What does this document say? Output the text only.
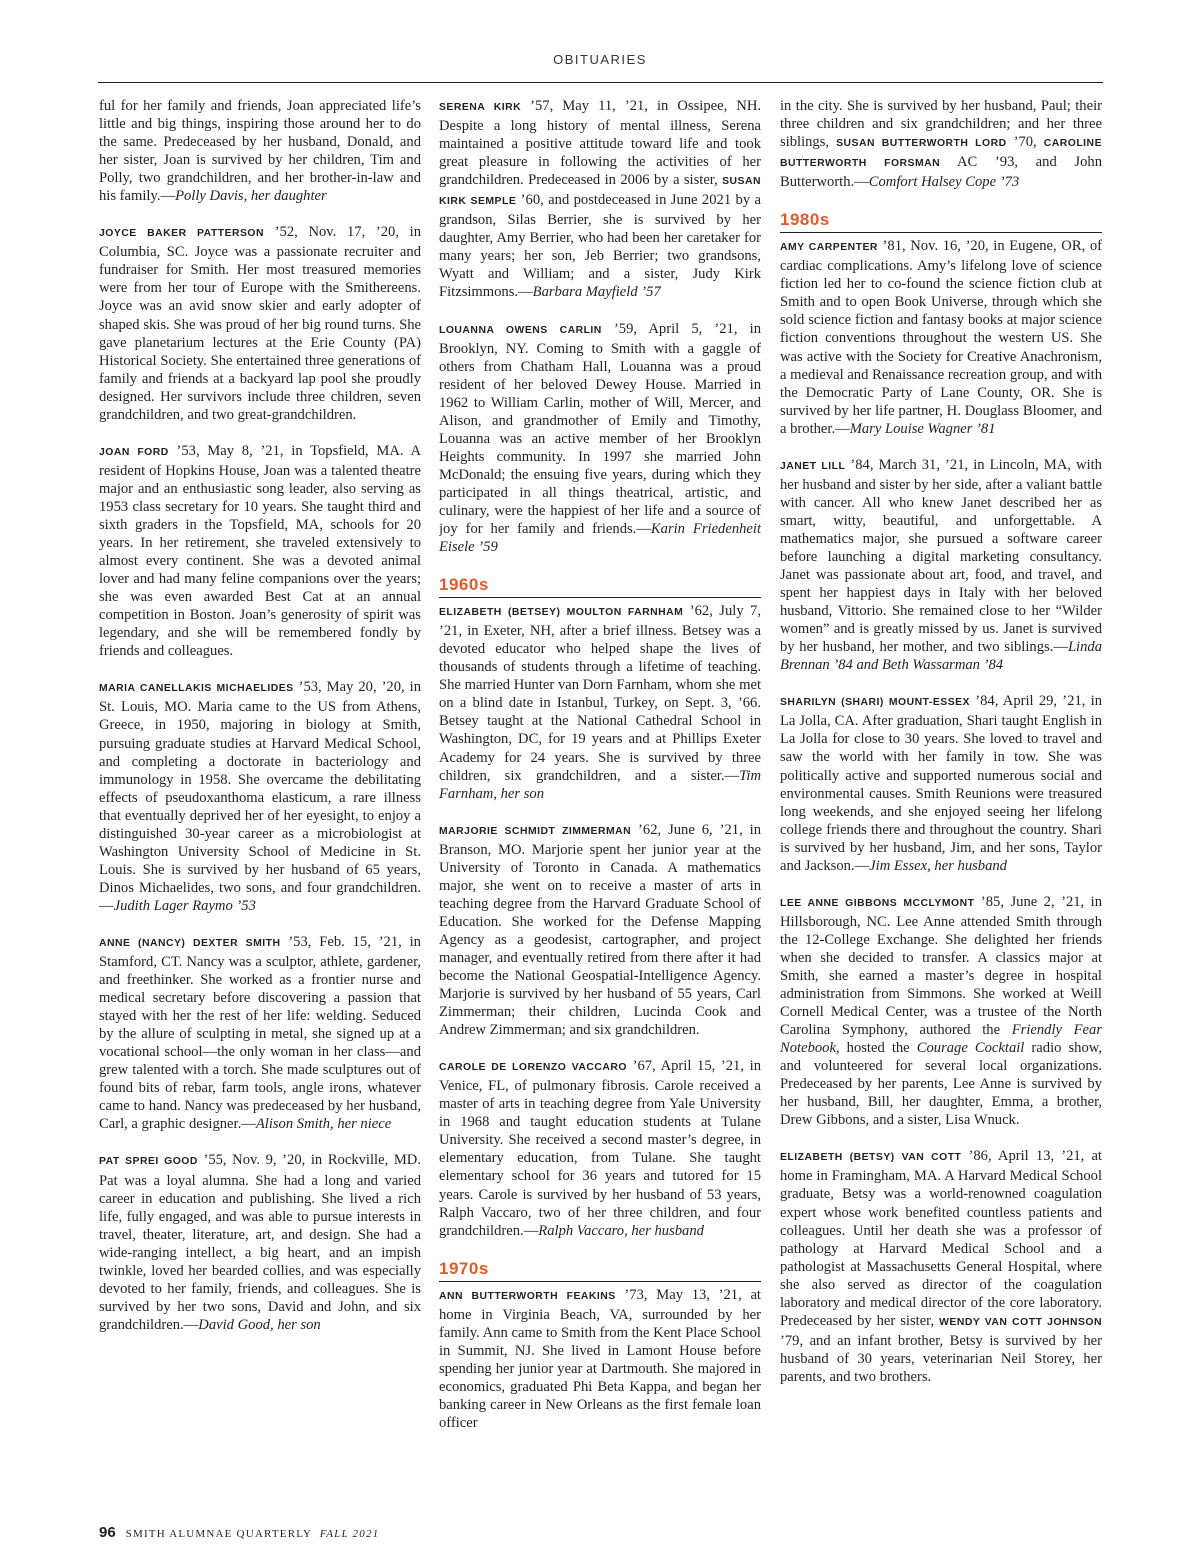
OBITUARIES

ful for her family and friends, Joan appreciated life’s little and big things, inspiring those around her to do the same. Predeceased by her husband, Donald, and her sister, Joan is survived by her children, Tim and Polly, two grandchildren, and her brother-in-law and his family.—Polly Davis, her daughter

JOYCE BAKER PATTERSON ’52, Nov. 17, ’20, in Columbia, SC. Joyce was a passionate recruiter and fundraiser for Smith. Her most treasured memories were from her tour of Europe with the Smithereens. Joyce was an avid snow skier and early adopter of shaped skis. She was proud of her big round turns. She gave planetarium lectures at the Erie County (PA) Historical Society. She entertained three generations of family and friends at a backyard lap pool she proudly designed. Her survivors include three children, seven grandchildren, and two great-grandchildren.

JOAN FORD ’53, May 8, ’21, in Topsfield, MA. A resident of Hopkins House, Joan was a talented theatre major and an enthusiastic song leader, also serving as 1953 class secretary for 10 years. She taught third and sixth graders in the Topsfield, MA, schools for 20 years. In her retirement, she traveled extensively to almost every continent. She was a devoted animal lover and had many feline companions over the years; she was even awarded Best Cat at an annual competition in Boston. Joan’s generosity of spirit was legendary, and she will be remembered fondly by friends and colleagues.

MARIA CANELLAKIS MICHAELIDES ’53, May 20, ’20, in St. Louis, MO. Maria came to the US from Athens, Greece, in 1950, majoring in biology at Smith, pursuing graduate studies at Harvard Medical School, and completing a doctorate in bacteriology and immunology in 1958. She overcame the debilitating effects of pseudoxanthoma elasticum, a rare illness that eventually deprived her of her eyesight, to enjoy a distinguished 30-year career as a microbiologist at Washington University School of Medicine in St. Louis. She is survived by her husband of 65 years, Dinos Michaelides, two sons, and four grandchildren.—Judith Lager Raymo ’53

ANNE (NANCY) DEXTER SMITH ’53, Feb. 15, ’21, in Stamford, CT. Nancy was a sculptor, athlete, gardener, and freethinker. She worked as a frontier nurse and medical secretary before discovering a passion that stayed with her the rest of her life: welding. Seduced by the allure of sculpting in metal, she signed up at a vocational school—the only woman in her class—and grew talented with a torch. She made sculptures out of found bits of rebar, farm tools, angle irons, whatever came to hand. Nancy was predeceased by her husband, Carl, a graphic designer.—Alison Smith, her niece

PAT SPREI GOOD ’55, Nov. 9, ’20, in Rockville, MD. Pat was a loyal alumna. She had a long and varied career in education and publishing. She lived a rich life, fully engaged, and was able to pursue interests in travel, theater, literature, art, and design. She had a wide-ranging intellect, a big heart, and an impish twinkle, loved her bearded collies, and was especially devoted to her family, friends, and colleagues. She is survived by her two sons, David and John, and six grandchildren.—David Good, her son

SERENA KIRK ’57, May 11, ’21, in Ossipee, NH. Despite a long history of mental illness, Serena maintained a positive attitude toward life and took great pleasure in following the activities of her grandchildren. Predeceased in 2006 by a sister, SUSAN KIRK SEMPLE ’60, and postdeceased in June 2021 by a grandson, Silas Berrier, she is survived by her daughter, Amy Berrier, who had been her caretaker for many years; her son, Jeb Berrier; two grandsons, Wyatt and William; and a sister, Judy Kirk Fitzsimmons.—Barbara Mayfield ’57

LOUANNA OWENS CARLIN ’59, April 5, ’21, in Brooklyn, NY. Coming to Smith with a gaggle of others from Chatham Hall, Louanna was a proud resident of her beloved Dewey House. Married in 1962 to William Carlin, mother of Will, Mercer, and Alison, and grandmother of Emily and Timothy, Louanna was an active member of her Brooklyn Heights community. In 1997 she married John McDonald; the ensuing five years, during which they participated in all things theatrical, artistic, and culinary, were the happiest of her life and a source of joy for her family and friends.—Karin Friedenheit Eisele ’59

1960s

ELIZABETH (BETSEY) MOULTON FARNHAM ’62, July 7, ’21, in Exeter, NH, after a brief illness. Betsey was a devoted educator who helped shape the lives of thousands of students through a lifetime of teaching. She married Hunter van Dorn Farnham, whom she met on a blind date in Istanbul, Turkey, on Sept. 3, ’66. Betsey taught at the National Cathedral School in Washington, DC, for 19 years and at Phillips Exeter Academy for 24 years. She is survived by three children, six grandchildren, and a sister.—Tim Farnham, her son

MARJORIE SCHMIDT ZIMMERMAN ’62, June 6, ’21, in Branson, MO. Marjorie spent her junior year at the University of Toronto in Canada. A mathematics major, she went on to receive a master of arts in teaching degree from the Harvard Graduate School of Education. She worked for the Defense Mapping Agency as a geodesist, cartographer, and project manager, and eventually retired from there after it had become the National Geospatial-Intelligence Agency. Marjorie is survived by her husband of 55 years, Carl Zimmerman; their children, Lucinda Cook and Andrew Zimmerman; and six grandchildren.

CAROLE DE LORENZO VACCARO ’67, April 15, ’21, in Venice, FL, of pulmonary fibrosis. Carole received a master of arts in teaching degree from Yale University in 1968 and taught education students at Tulane University. She received a second master’s degree, in elementary education, from Tulane. She taught elementary school for 36 years and tutored for 15 years. Carole is survived by her husband of 53 years, Ralph Vaccaro, two of her three children, and four grandchildren.—Ralph Vaccaro, her husband

1970s

ANN BUTTERWORTH FEAKINS ’73, May 13, ’21, at home in Virginia Beach, VA, surrounded by her family. Ann came to Smith from the Kent Place School in Summit, NJ. She lived in Lamont House before spending her junior year at Dartmouth. She majored in economics, graduated Phi Beta Kappa, and began her banking career in New Orleans as the first female loan officer

in the city. She is survived by her husband, Paul; their three children and six grandchildren; and her three siblings, SUSAN BUTTERWORTH LORD ’70, CAROLINE BUTTERWORTH FORSMAN AC ’93, and John Butterworth.—Comfort Halsey Cope ’73

1980s

AMY CARPENTER ’81, Nov. 16, ’20, in Eugene, OR, of cardiac complications. Amy’s lifelong love of science fiction led her to co-found the science fiction club at Smith and to open Book Universe, through which she sold science fiction and fantasy books at major science fiction conventions throughout the western US. She was active with the Society for Creative Anachronism, a medieval and Renaissance recreation group, and with the Democratic Party of Lane County, OR. She is survived by her life partner, H. Douglass Bloomer, and a brother.—Mary Louise Wagner ’81

JANET LILL ’84, March 31, ’21, in Lincoln, MA, with her husband and sister by her side, after a valiant battle with cancer. All who knew Janet described her as smart, witty, beautiful, and unforgettable. A mathematics major, she pursued a software career before launching a digital marketing consultancy. Janet was passionate about art, food, and travel, and spent her happiest days in Italy with her beloved husband, Vittorio. She remained close to her “Wilder women” and is greatly missed by us. Janet is survived by her husband, her mother, and two siblings.—Linda Brennan ’84 and Beth Wassarman ’84

SHARILYN (SHARI) MOUNT-ESSEX ’84, April 29, ’21, in La Jolla, CA. After graduation, Shari taught English in La Jolla for close to 30 years. She loved to travel and saw the world with her family in tow. She was politically active and supported numerous social and environmental causes. Smith Reunions were treasured long weekends, and she enjoyed seeing her lifelong college friends there and throughout the country. Shari is survived by her husband, Jim, and her sons, Taylor and Jackson.—Jim Essex, her husband

LEE ANNE GIBBONS MCCLYMONT ’85, June 2, ’21, in Hillsborough, NC. Lee Anne attended Smith through the 12-College Exchange. She delighted her friends when she decided to transfer. A classics major at Smith, she earned a master’s degree in hospital administration from Simmons. She worked at Weill Cornell Medical Center, was a trustee of the North Carolina Symphony, authored the Friendly Fear Notebook, hosted the Courage Cocktail radio show, and volunteered for several local organizations. Predeceased by her parents, Lee Anne is survived by her husband, Bill, her daughter, Emma, a brother, Drew Gibbons, and a sister, Lisa Wnuck.

ELIZABETH (BETSY) VAN COTT ’86, April 13, ’21, at home in Framingham, MA. A Harvard Medical School graduate, Betsy was a world-renowned coagulation expert whose work benefited countless patients and colleagues. Until her death she was a professor of pathology at Harvard Medical School and a pathologist at Massachusetts General Hospital, where she also served as director of the coagulation laboratory and medical director of the core laboratory. Predeceased by her sister, WENDY VAN COTT JOHNSON ’79, and an infant brother, Betsy is survived by her husband of 30 years, veterinarian Neil Storey, her parents, and two brothers.

96 SMITH ALUMNAE QUARTERLY FALL 2021
